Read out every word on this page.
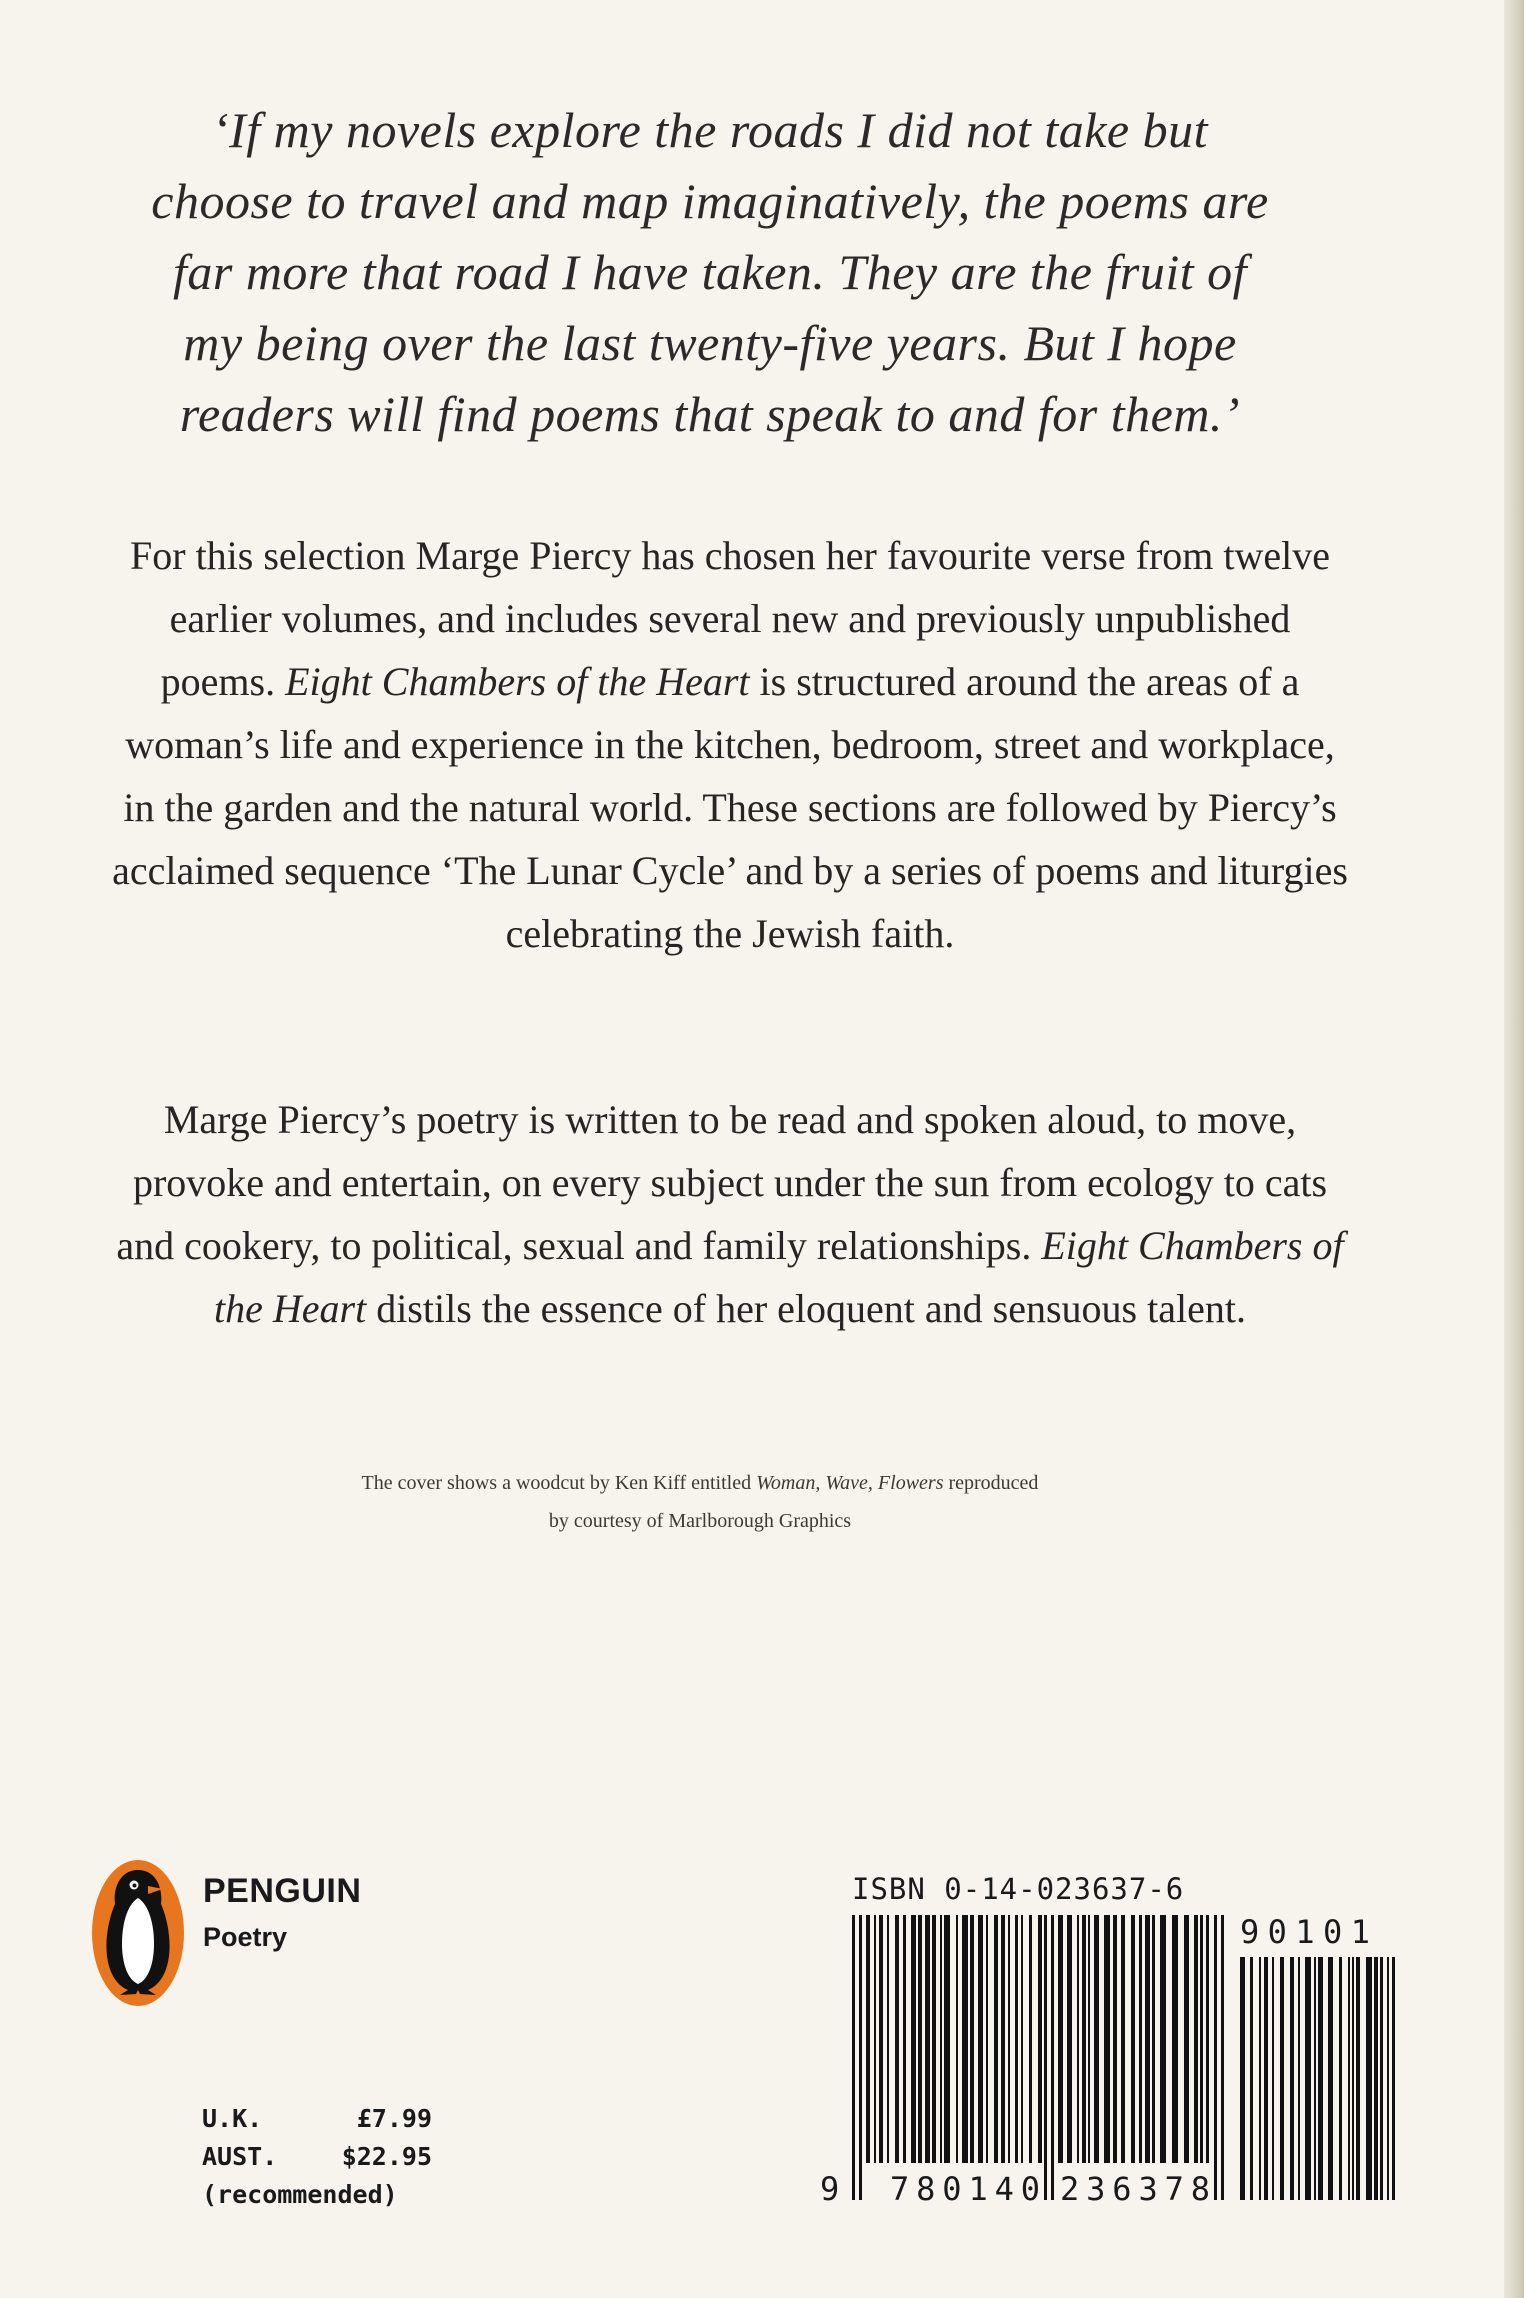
‘If my novels explore the roads I did not take but

choose to travel and map imaginatively, the poems are

far more that road I have taken. They are the fruit of

my being over the last twenty-five years. But I hope

readers will find poems that speak to and for them.’

For this selection Marge Piercy has chosen her favourite verse from twelve earlier volumes, and includes several new and previously unpublished poems. Eight Chambers of the Heart is structured around the areas of a woman’s life and experience in the kitchen, bedroom, street and workplace, in the garden and the natural world. These sections are followed by Piercy’s acclaimed sequence ‘The Lunar Cycle’ and by a series of poems and liturgies celebrating the Jewish faith.

Marge Piercy’s poetry is written to be read and spoken aloud, to move, provoke and entertain, on every subject under the sun from ecology to cats and cookery, to political, sexual and family relationships. Eight Chambers of the Heart distils the essence of her eloquent and sensuous talent.

The cover shows a woodcut by Ken Kiff entitled Woman, Wave, Flowers reproduced

by courtesy of Marlborough Graphics

PENGUIN
Poetry
U.K.	£7.99
AUST.	$22.95
(recommended)
ISBN 0-14-023637-6
9 780140 236378
90101
